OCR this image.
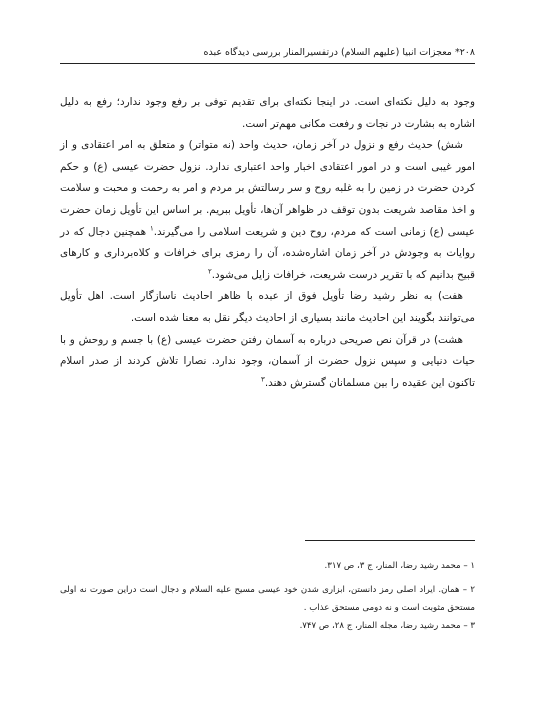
۲۰۸* معجزات انبیا (علیهم السلام) درتفسیرالمنار بررسی دیدگاه عبده

وجود به دلیل نکته‌ای است. در اینجا نکته‌ای برای تقدیم توفی بر رفع وجود ندارد؛ رفع به دلیل اشاره به بشارت در نجات و رفعت مکانی مهم‌تر است.

شش) حدیث رفع و نزول در آخر زمان، حدیث واحد (نه متواتر) و متعلق به امر اعتقادی و از امور غیبی است و در امور اعتقادی اخبار واحد اعتباری ندارد. نزول حضرت عیسی (ع) و حکم کردن حضرت در زمین را به غلبه روح و سر رسالتش بر مردم و امر به رحمت و محبت و سلامت و اخذ مقاصد شریعت بدون توقف در ظواهر آن‌ها، تأویل ببریم. بر اساس این تأویل زمان حضرت عیسی (ع) زمانی است که مردم، روح دین و شریعت اسلامی را می‌گیرند.$^۱$ همچنین دجال که در روایات به وجودش در آخر زمان اشاره‌شده، آن را رمزی برای خرافات و کلاه‌برداری و کارهای قبیح بدانیم که با تقریر درست شریعت، خرافات زایل می‌شود.$^۲$

هفت) به نظر رشید رضا تأویل فوق از عبده با ظاهر احادیث ناسازگار است. اهل تأویل می‌توانند بگویند این احادیث مانند بسیاری از احادیث دیگر نقل به معنا شده است.

هشت) در قرآن نص صریحی درباره به آسمان رفتن حضرت عیسی (ع) با جسم و روحش و با حیات دنیایی و سپس نزول حضرت از آسمان، وجود ندارد. نصارا تلاش کردند از صدر اسلام تاکنون این عقیده را بین مسلمانان گسترش دهند.$^۳$

۱ – محمد رشید رضا، المنار، ج ۳، ص ۳۱۷.

۲ – همان. ایراد اصلی رمز دانستن، ابزاری شدن خود عیسی مسیح علیه السلام و دجال است دراین صورت نه اولی مستحق مثوبت است و نه دومی مستحق عذاب .

۳ – محمد رشید رضا، مجله المنار، ج ۲۸، ص ۷۴۷.
